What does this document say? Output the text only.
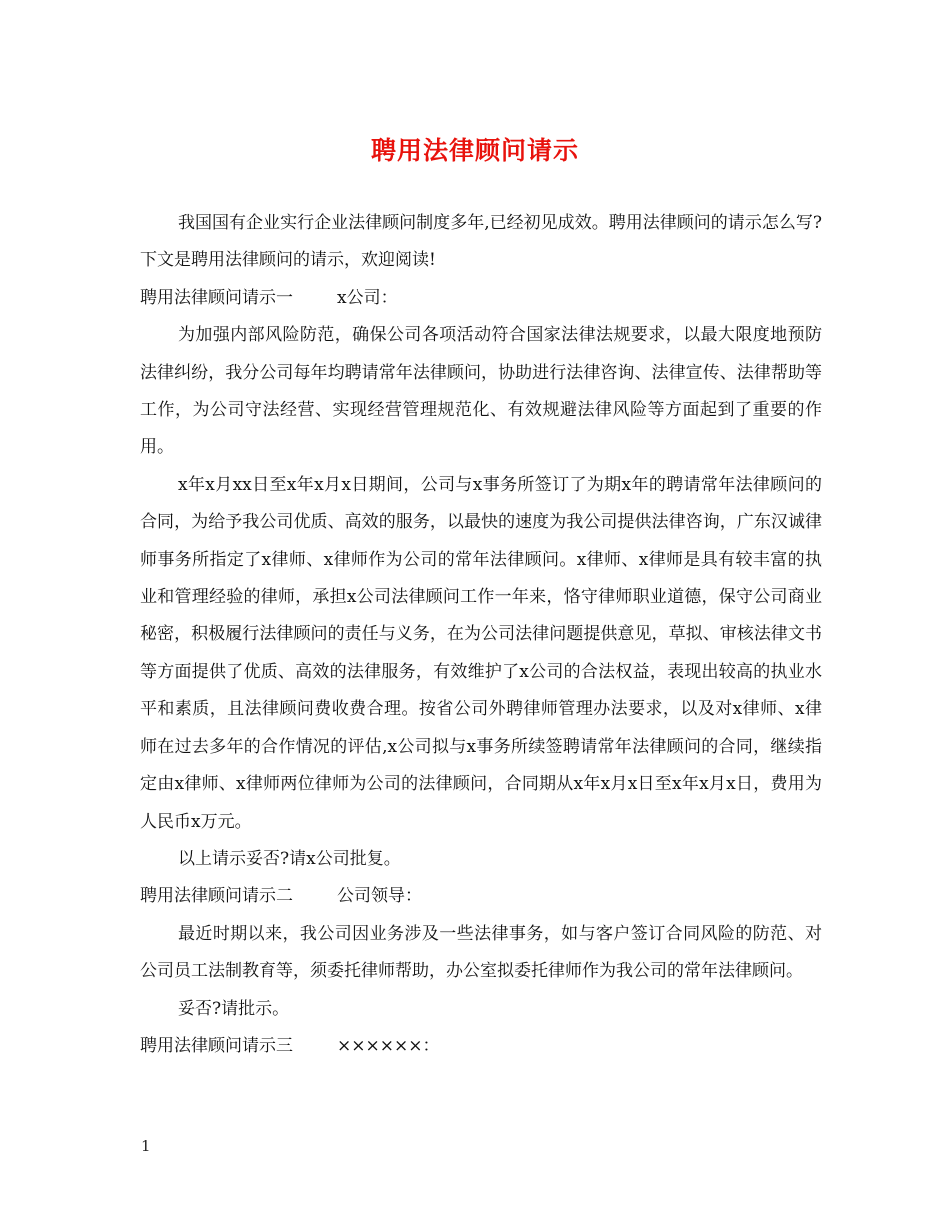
聘用法律顾问请示

我国国有企业实行企业法律顾问制度多年,已经初见成效。聘用法律顾问的请示怎么写?下文是聘用法律顾问的请示，欢迎阅读!

聘用法律顾问请示一	x公司：

为加强内部风险防范，确保公司各项活动符合国家法律法规要求，以最大限度地预防法律纠纷，我分公司每年均聘请常年法律顾问，协助进行法律咨询、法律宣传、法律帮助等工作，为公司守法经营、实现经营管理规范化、有效规避法律风险等方面起到了重要的作用。

x年x月xx日至x年x月x日期间，公司与x事务所签订了为期x年的聘请常年法律顾问的合同，为给予我公司优质、高效的服务，以最快的速度为我公司提供法律咨询，广东汉诚律师事务所指定了x律师、x律师作为公司的常年法律顾问。x律师、x律师是具有较丰富的执业和管理经验的律师，承担x公司法律顾问工作一年来，恪守律师职业道德，保守公司商业秘密，积极履行法律顾问的责任与义务，在为公司法律问题提供意见，草拟、审核法律文书等方面提供了优质、高效的法律服务，有效维护了x公司的合法权益，表现出较高的执业水平和素质，且法律顾问费收费合理。按省公司外聘律师管理办法要求，以及对x律师、x律师在过去多年的合作情况的评估,x公司拟与x事务所续签聘请常年法律顾问的合同，继续指定由x律师、x律师两位律师为公司的法律顾问，合同期从x年x月x日至x年x月x日，费用为人民币x万元。

以上请示妥否?请x公司批复。

聘用法律顾问请示二	公司领导：

最近时期以来，我公司因业务涉及一些法律事务，如与客户签订合同风险的防范、对公司员工法制教育等，须委托律师帮助，办公室拟委托律师作为我公司的常年法律顾问。

妥否?请批示。

聘用法律顾问请示三	××××××：

1
